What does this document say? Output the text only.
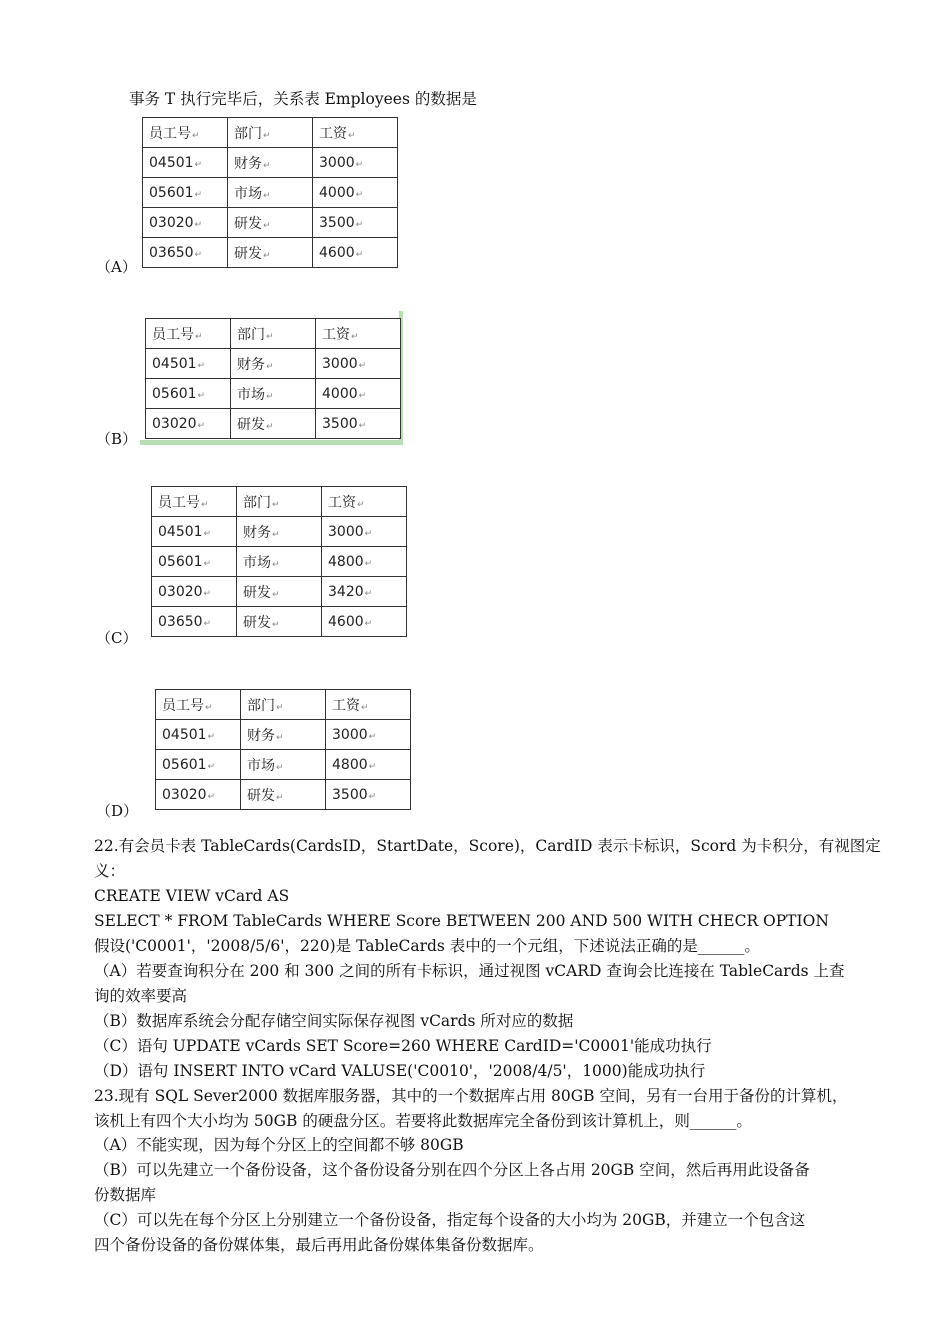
事务 T 执行完毕后，关系表 Employees 的数据是
（A）
员工号↵	部门↵	工资↵
04501↵	财务↵	3000↵
05601↵	市场↵	4000↵
03020↵	研发↵	3500↵
03650↵	研发↵	4600↵
（B）
员工号↵	部门↵	工资↵
04501↵	财务↵	3000↵
05601↵	市场↵	4000↵
03020↵	研发↵	3500↵
（C）
员工号↵	部门↵	工资↵
04501↵	财务↵	3000↵
05601↵	市场↵	4800↵
03020↵	研发↵	3420↵
03650↵	研发↵	4600↵
（D）
员工号↵	部门↵	工资↵
04501↵	财务↵	3000↵
05601↵	市场↵	4800↵
03020↵	研发↵	3500↵
22.有会员卡表 TableCards(CardsID，StartDate，Score)，CardID 表示卡标识，Scord 为卡积分，有视图定
义：
CREATE VIEW vCard AS
SELECT * FROM TableCards WHERE Score BETWEEN 200 AND 500 WITH CHECR OPTION
假设('C0001'，'2008/5/6'，220)是 TableCards 表中的一个元组，下述说法正确的是______。
（A）若要查询积分在 200 和 300 之间的所有卡标识，通过视图 vCARD 查询会比连接在 TableCards 上查
询的效率要高
（B）数据库系统会分配存储空间实际保存视图 vCards 所对应的数据
（C）语句 UPDATE vCards SET Score=260 WHERE CardID='C0001'能成功执行
（D）语句 INSERT INTO vCard VALUSE('C0010'，'2008/4/5'，1000)能成功执行
23.现有 SQL Sever2000 数据库服务器，其中的一个数据库占用 80GB 空间，另有一台用于备份的计算机，
该机上有四个大小均为 50GB 的硬盘分区。若要将此数据库完全备份到该计算机上，则______。
（A）不能实现，因为每个分区上的空间都不够 80GB
（B）可以先建立一个备份设备，这个备份设备分别在四个分区上各占用 20GB 空间，然后再用此设备备
份数据库
（C）可以先在每个分区上分别建立一个备份设备，指定每个设备的大小均为 20GB，并建立一个包含这
四个备份设备的备份媒体集，最后再用此备份媒体集备份数据库。
